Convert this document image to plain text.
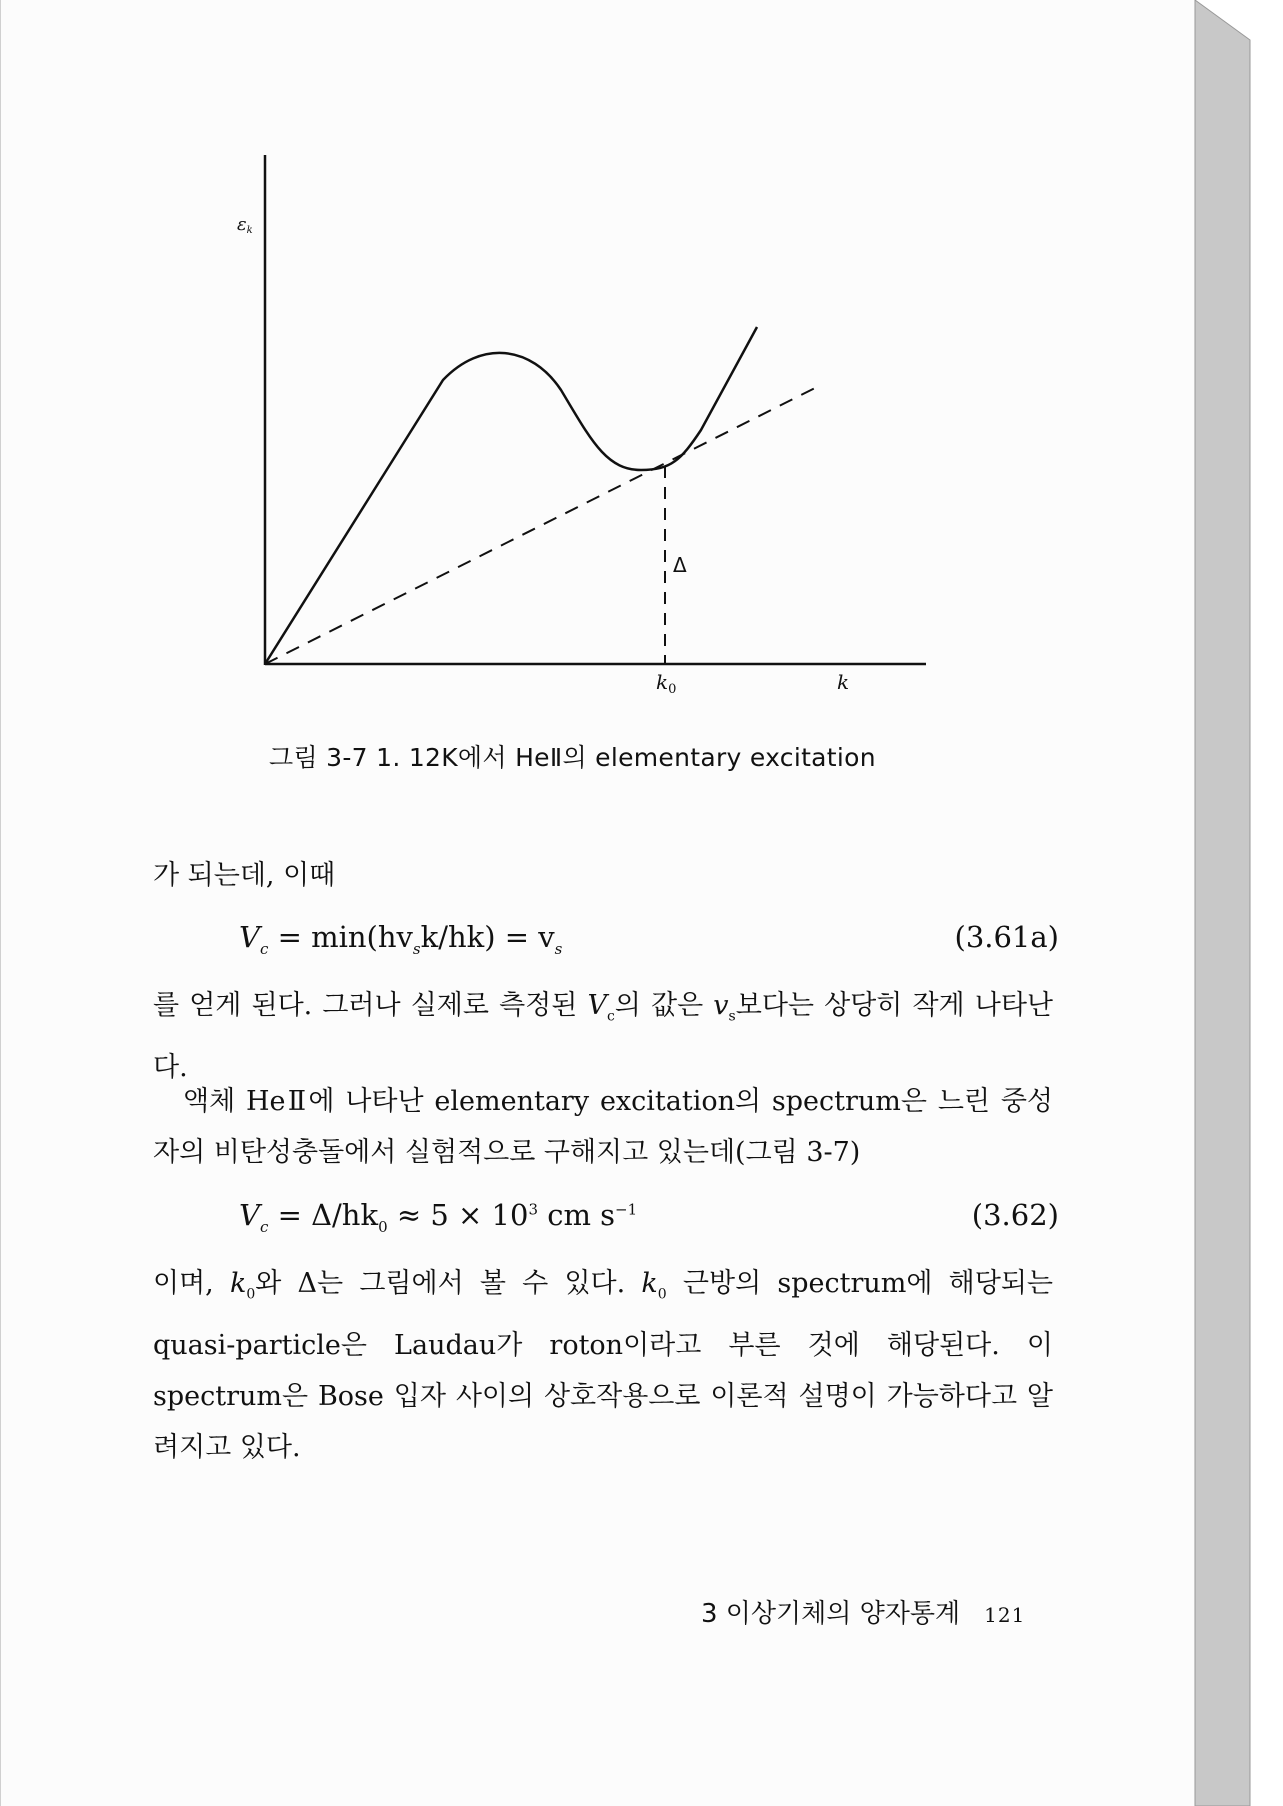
εk
Δ
$k_0$	k
그림 3-7 1. 12K에서 HeⅡ의 elementary excitation
가 되는데, 이때
$V_c = \min(hv_sk/hk) = v_s$	(3.61a)
를 얻게 된다. 그러나 실제로 측정된 $V_c$의 값은 $v_s$보다는 상당히 작게 나타난다.
액체 HeⅡ에 나타난 elementary excitation의 spectrum은 느린 중성자의 비탄성충돌에서 실험적으로 구해지고 있는데(그림 3-7)
$V_c = \Delta/hk_0 \approx 5 \times 10^3$ cm $s^{-1}$	(3.62)
이며, $k_0$와 Δ는 그림에서 볼 수 있다. $k_0$ 근방의 spectrum에 해당되는 quasi-particle은 Laudau가 roton이라고 부른 것에 해당된다. 이 spectrum은 Bose 입자 사이의 상호작용으로 이론적 설명이 가능하다고 알려지고 있다.
3 이상기체의 양자통계 121
